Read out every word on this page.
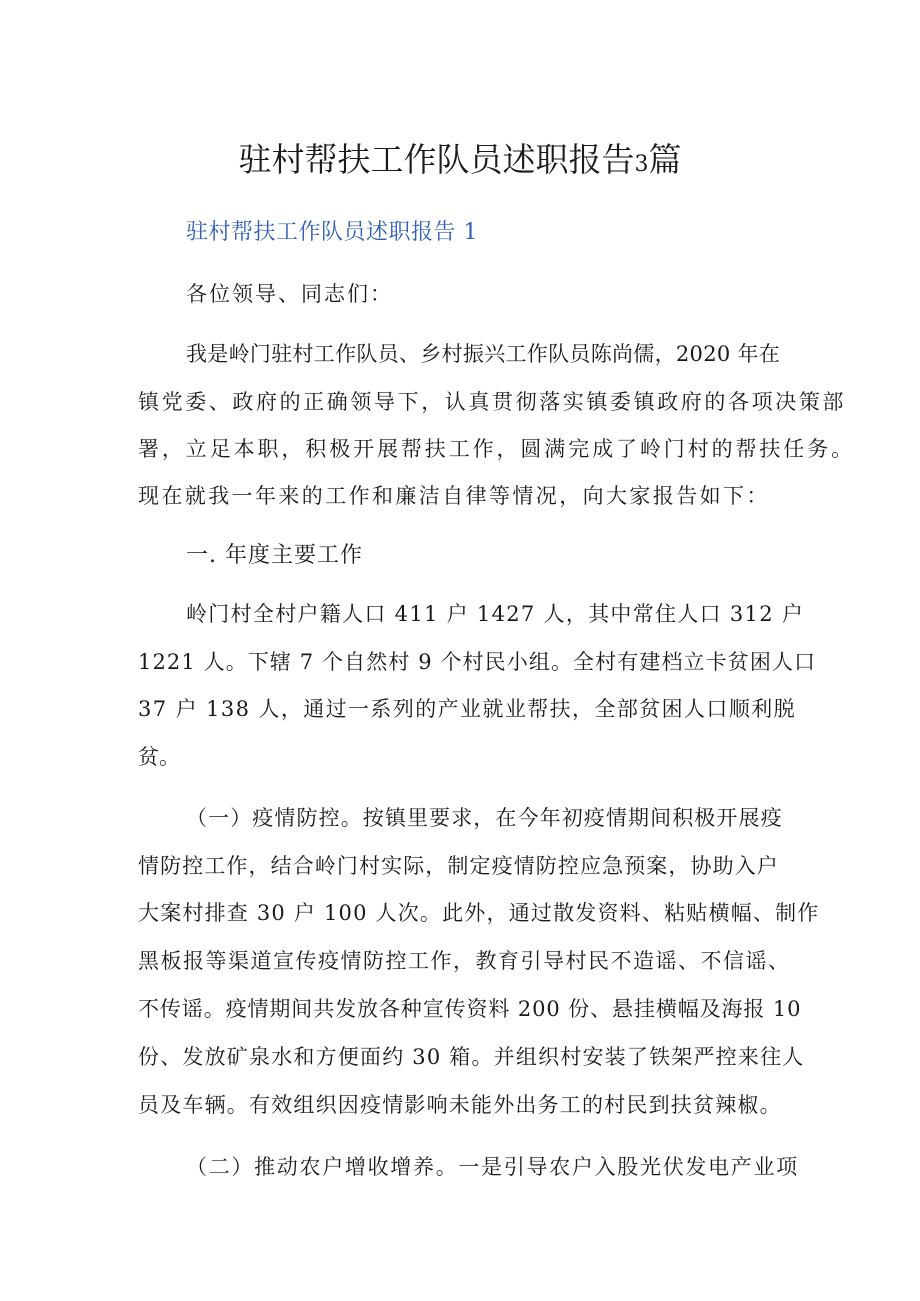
驻村帮扶工作队员述职报告3篇
驻村帮扶工作队员述职报告 1
各位领导、同志们：
我是岭门驻村工作队员、乡村振兴工作队员陈尚儒，2020 年在
镇党委、政府的正确领导下，认真贯彻落实镇委镇政府的各项决策部
署，立足本职，积极开展帮扶工作，圆满完成了岭门村的帮扶任务。
现在就我一年来的工作和廉洁自律等情况，向大家报告如下：
一. 年度主要工作
岭门村全村户籍人口 411 户 1427 人，其中常住人口 312 户
1221 人。下辖 7 个自然村 9 个村民小组。全村有建档立卡贫困人口
37 户 138 人，通过一系列的产业就业帮扶，全部贫困人口顺利脱
贫。
（一）疫情防控。按镇里要求，在今年初疫情期间积极开展疫
情防控工作，结合岭门村实际，制定疫情防控应急预案，协助入户
大案村排查 30 户 100 人次。此外，通过散发资料、粘贴横幅、制作
黑板报等渠道宣传疫情防控工作，教育引导村民不造谣、不信谣、
不传谣。疫情期间共发放各种宣传资料 200 份、悬挂横幅及海报 10
份、发放矿泉水和方便面约 30 箱。并组织村安装了铁架严控来往人
员及车辆。有效组织因疫情影响未能外出务工的村民到扶贫辣椒。
（二）推动农户增收增养。一是引导农户入股光伏发电产业项
